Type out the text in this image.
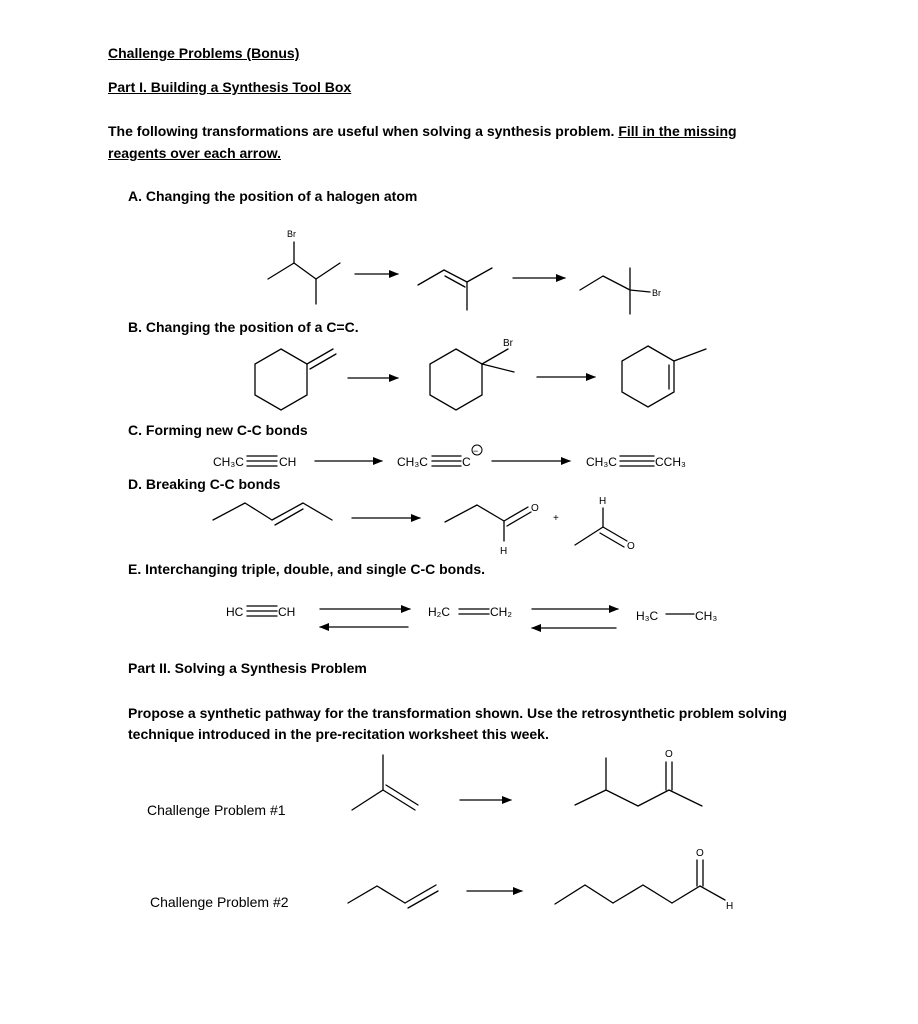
Challenge Problems (Bonus)
Part I. Building a Synthesis Tool Box
The following transformations are useful when solving a synthesis problem. Fill in the missing
reagents over each arrow.
A. Changing the position of a halogen atom
B. Changing the position of a C=C.
C. Forming new C-C bonds
D. Breaking C-C bonds
E. Interchanging triple, double, and single C-C bonds.
Part II. Solving a Synthesis Problem
Propose a synthetic pathway for the transformation shown. Use the retrosynthetic problem solving
technique introduced in the pre-recitation worksheet this week.
Challenge Problem #1
Challenge Problem #2
Br
Br
Br
CH₃C	CH	CH₃C	C
−
CH₃C	CCH₃
H
O
+
H
O
HC	CH	H₂C	CH₂	H₃C	CH₃
O
O
H
